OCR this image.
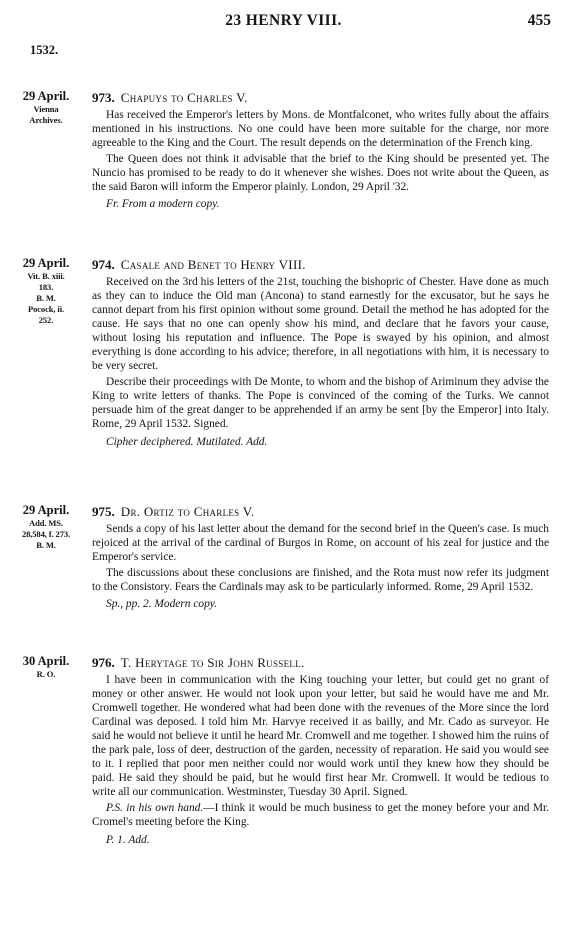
23 HENRY VIII.	455
1532.
29 April.
Vienna
Archives.
973. Chapuys to Charles V.

Has received the Emperor's letters by Mons. de Montfalconet, who writes fully about the affairs mentioned in his instructions. No one could have been more suitable for the charge, nor more agreeable to the King and the Court. The result depends on the determination of the French king.

The Queen does not think it advisable that the brief to the King should be presented yet. The Nuncio has promised to be ready to do it whenever she wishes. Does not write about the Queen, as the said Baron will inform the Emperor plainly. London, 29 April '32.

Fr. From a modern copy.

29 April.
Vit. B. xiii.
183.
B. M.
Pocock, ii.
252.
974. Casale and Benet to Henry VIII.

Received on the 3rd his letters of the 21st, touching the bishopric of Chester. Have done as much as they can to induce the Old man (Ancona) to stand earnestly for the excusator, but he says he cannot depart from his first opinion without some ground. Detail the method he has adopted for the cause. He says that no one can openly show his mind, and declare that he favors your cause, without losing his reputation and influence. The Pope is swayed by his opinion, and almost everything is done according to his advice; therefore, in all negotiations with him, it is necessary to be very secret.

Describe their proceedings with De Monte, to whom and the bishop of Ariminum they advise the King to write letters of thanks. The Pope is convinced of the coming of the Turks. We cannot persuade him of the great danger to be apprehended if an army be sent [by the Emperor] into Italy. Rome, 29 April 1532. Signed.

Cipher deciphered. Mutilated. Add.

29 April.
Add. MS.
28,584, f. 273.
B. M.
975. Dr. Ortiz to Charles V.

Sends a copy of his last letter about the demand for the second brief in the Queen's case. Is much rejoiced at the arrival of the cardinal of Burgos in Rome, on account of his zeal for justice and the Emperor's service.

The discussions about these conclusions are finished, and the Rota must now refer its judgment to the Consistory. Fears the Cardinals may ask to be particularly informed. Rome, 29 April 1532.

Sp., pp. 2. Modern copy.

30 April.
R. O.
976. T. Herytage to Sir John Russell.

I have been in communication with the King touching your letter, but could get no grant of money or other answer. He would not look upon your letter, but said he would have me and Mr. Cromwell together. He wondered what had been done with the revenues of the More since the lord Cardinal was deposed. I told him Mr. Harvye received it as bailly, and Mr. Cado as surveyor. He said he would not believe it until he heard Mr. Cromwell and me together. I showed him the ruins of the park pale, loss of deer, destruction of the garden, necessity of reparation. He said you would see to it. I replied that poor men neither could nor would work until they knew how they should be paid. He said they should be paid, but he would first hear Mr. Cromwell. It would be tedious to write all our communication. Westminster, Tuesday 30 April. Signed.

P.S. in his own hand.—I think it would be much business to get the money before your and Mr. Cromel's meeting before the King.

P. 1. Add.
